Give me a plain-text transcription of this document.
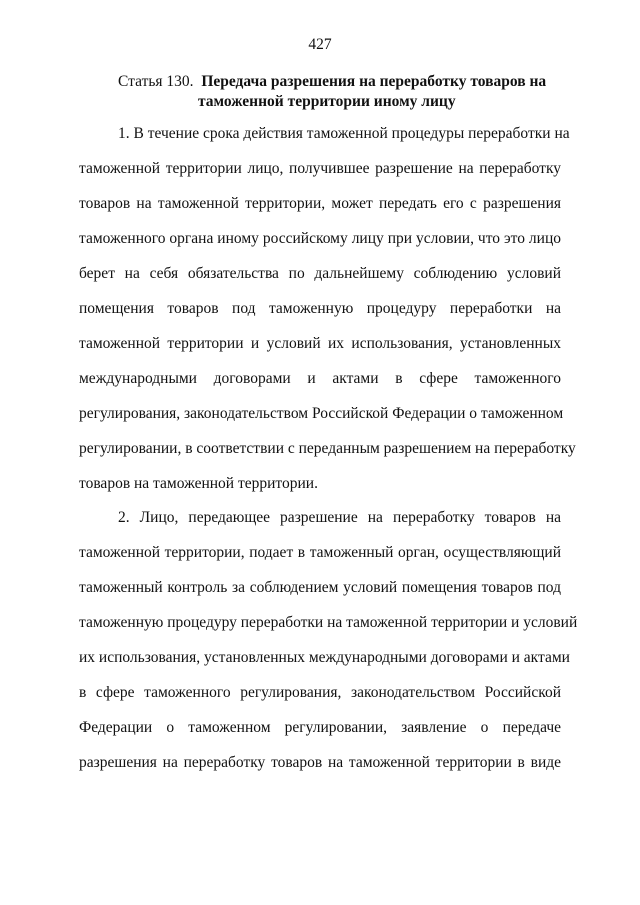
427
Статья 130. Передача разрешения на переработку товаров на
таможенной территории иному лицу
1. В течение срока действия таможенной процедуры переработки на
таможенной территории лицо, получившее разрешение на переработку
товаров на таможенной территории, может передать его с разрешения
таможенного органа иному российскому лицу при условии, что это лицо
берет на себя обязательства по дальнейшему соблюдению условий
помещения товаров под таможенную процедуру переработки на
таможенной территории и условий их использования, установленных
международными договорами и актами в сфере таможенного
регулирования, законодательством Российской Федерации о таможенном
регулировании, в соответствии с переданным разрешением на переработку
товаров на таможенной территории.
2. Лицо, передающее разрешение на переработку товаров на
таможенной территории, подает в таможенный орган, осуществляющий
таможенный контроль за соблюдением условий помещения товаров под
таможенную процедуру переработки на таможенной территории и условий
их использования, установленных международными договорами и актами
в сфере таможенного регулирования, законодательством Российской
Федерации о таможенном регулировании, заявление о передаче
разрешения на переработку товаров на таможенной территории в виде
